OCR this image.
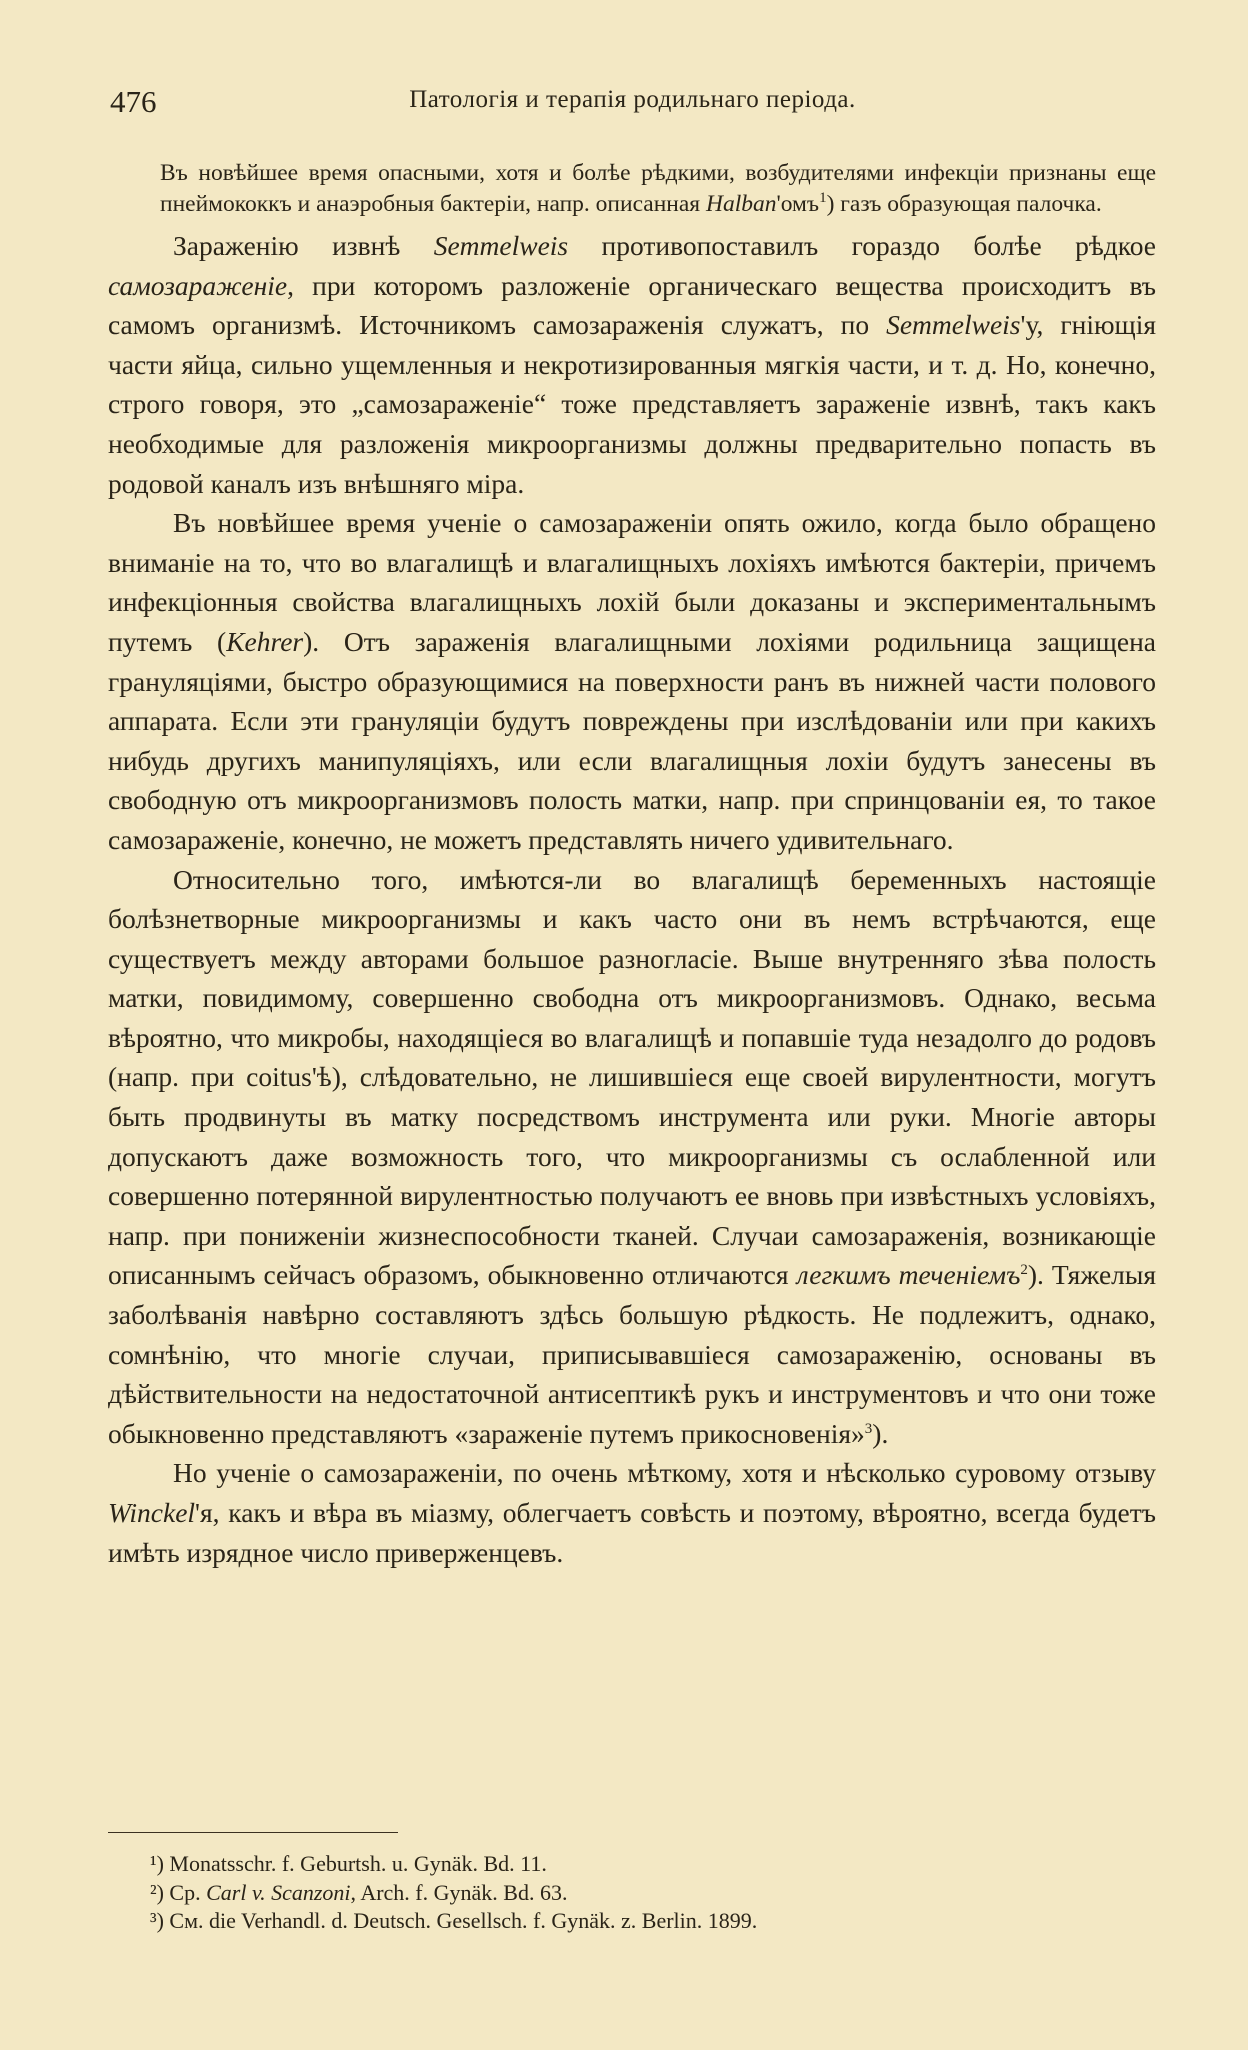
476	Патологія и терапія родильнаго періода.

Въ новѣйшее время опасными, хотя и болѣе рѣдкими, возбудителями инфекціи признаны еще пнеймококкъ и анаэробныя бактеріи, напр. описанная Halban'омъ$^1$) газъ образующая палочка.

Зараженію извнѣ Semmelweis противопоставилъ гораздо болѣе рѣдкое самозараженіе, при которомъ разложеніе органическаго вещества происходитъ въ самомъ организмѣ. Источникомъ самозараженія служатъ, по Semmelweis'у, гніющія части яйца, сильно ущемленныя и некротизированныя мягкія части, и т. д. Но, конечно, строго говоря, это „самозараженіе“ тоже представляетъ зараженіе извнѣ, такъ какъ необходимые для разложенія микроорганизмы должны предварительно попасть въ родовой каналъ изъ внѣшняго міра.

Въ новѣйшее время ученіе о самозараженіи опять ожило, когда было обращено вниманіе на то, что во влагалищѣ и влагалищныхъ лохіяхъ имѣются бактеріи, причемъ инфекціонныя свойства влагалищныхъ лохій были доказаны и экспериментальнымъ путемъ (Kehrer). Отъ зараженія влагалищными лохіями родильница защищена грануляціями, быстро образующимися на поверхности ранъ въ нижней части полового аппарата. Если эти грануляціи будутъ повреждены при изслѣдованіи или при какихъ нибудь другихъ манипуляціяхъ, или если влагалищныя лохіи будутъ занесены въ свободную отъ микроорганизмовъ полость матки, напр. при спринцованіи ея, то такое самозараженіе, конечно, не можетъ представлять ничего удивительнаго.

Относительно того, имѣются-ли во влагалищѣ беременныхъ настоящіе болѣзнетворные микроорганизмы и какъ часто они въ немъ встрѣчаются, еще существуетъ между авторами большое разногласіе. Выше внутренняго зѣва полость матки, повидимому, совершенно свободна отъ микроорганизмовъ. Однако, весьма вѣроятно, что микробы, находящіеся во влагалищѣ и попавшіе туда незадолго до родовъ (напр. при coitus'ѣ), слѣдовательно, не лишившіеся еще своей вирулентности, могутъ быть продвинуты въ матку посредствомъ инструмента или руки. Многіе авторы допускаютъ даже возможность того, что микроорганизмы съ ослабленной или совершенно потерянной вирулентностью получаютъ ее вновь при извѣстныхъ условіяхъ, напр. при пониженіи жизнеспособности тканей. Случаи самозараженія, возникающіе описаннымъ сейчасъ образомъ, обыкновенно отличаются легкимъ теченіемъ$^2$). Тяжелыя заболѣванія навѣрно составляютъ здѣсь большую рѣдкость. Не подлежитъ, однако, сомнѣнію, что многіе случаи, приписывавшіеся самозараженію, основаны въ дѣйствительности на недостаточной антисептикѣ рукъ и инструментовъ и что они тоже обыкновенно представляютъ «зараженіе путемъ прикосновенія»$^3$).

Но ученіе о самозараженіи, по очень мѣткому, хотя и нѣсколько суровому отзыву Winckel'я, какъ и вѣра въ міазму, облегчаетъ совѣсть и поэтому, вѣроятно, всегда будетъ имѣть изрядное число приверженцевъ.

¹) Monatsschr. f. Geburtsh. u. Gynäk. Bd. 11.
²) Cp. Carl v. Scanzoni, Arch. f. Gynäk. Bd. 63.
³) См. die Verhandl. d. Deutsch. Gesellsch. f. Gynäk. z. Berlin. 1899.
